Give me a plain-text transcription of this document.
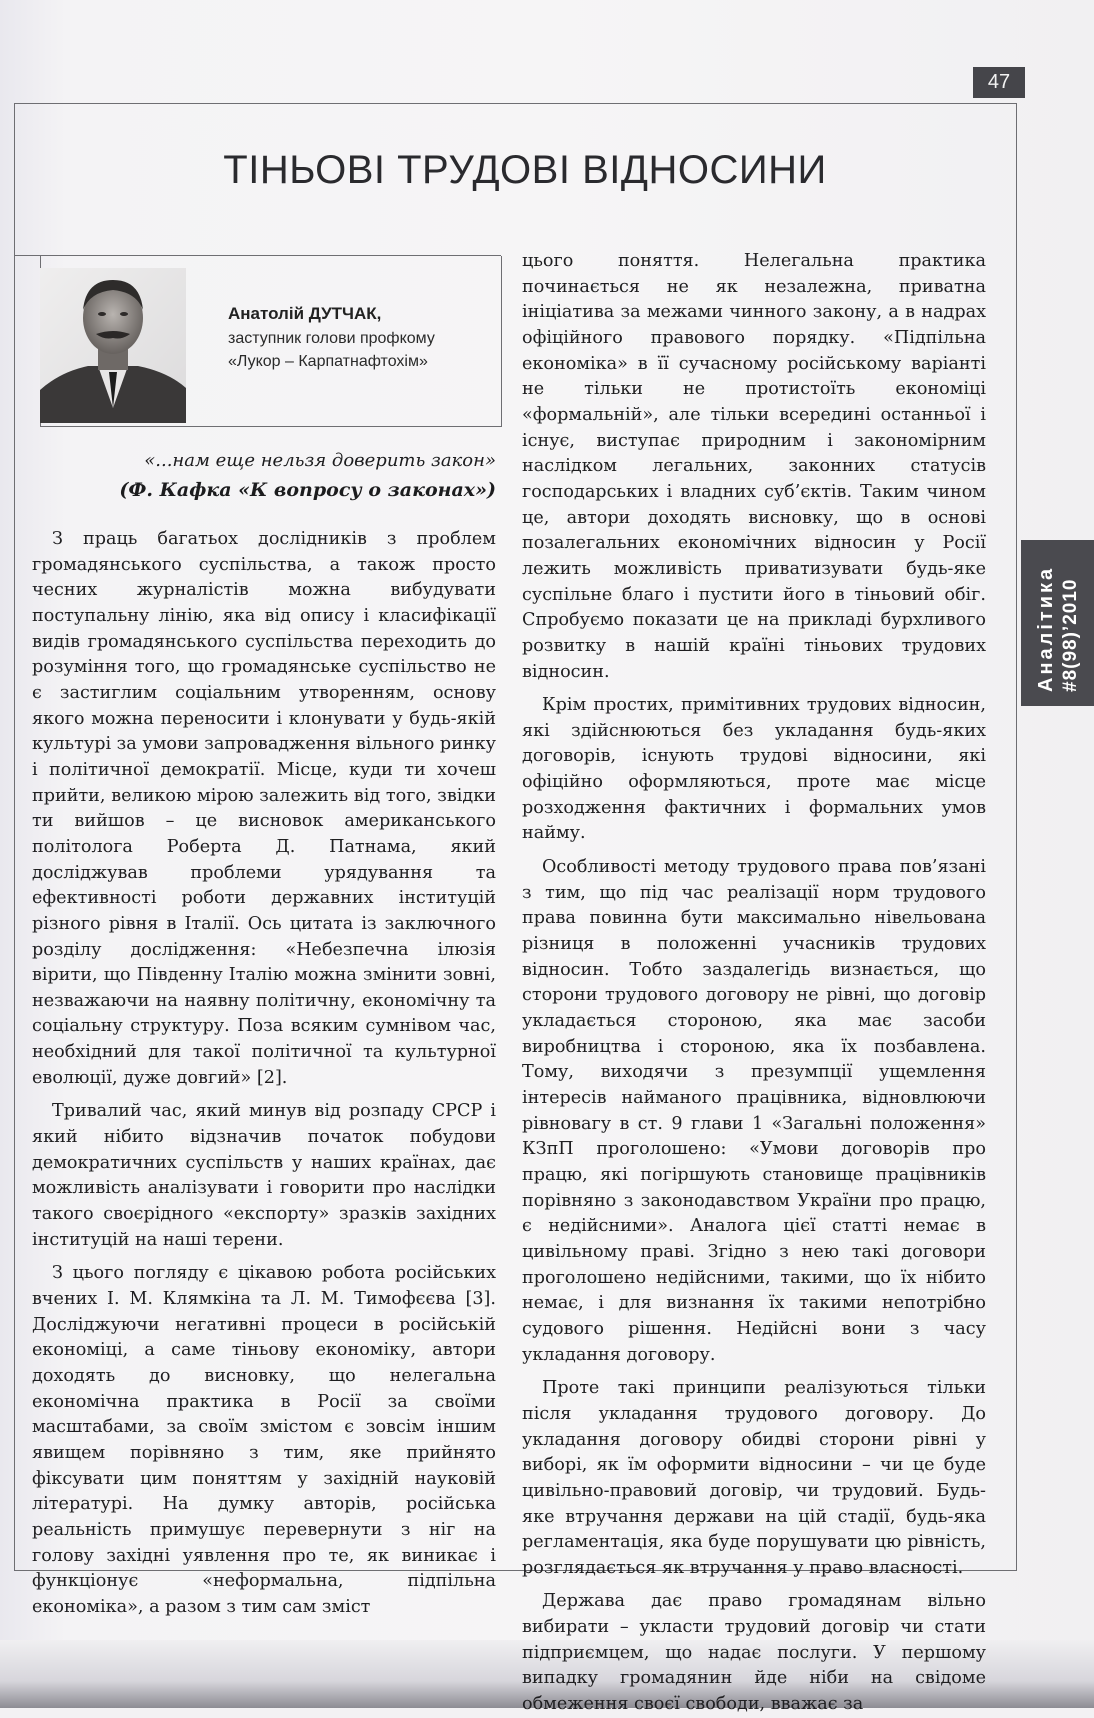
47
ТІНЬОВІ ТРУДОВІ ВІДНОСИНИ
Анатолій ДУТЧАК,
заступник голови профкому
«Лукор – Карпатнафтохім»
Аналітика #8(98)’2010
«...нам еще нельзя доверить закон»
(Ф. Кафка «К вопросу о законах»)

З праць багатьох дослідників з проблем громадянського суспільства, а також просто чесних журналістів можна вибудувати поступальну лінію, яка від опису і класифікації видів громадянського суспільства переходить до розуміння того, що громадянське суспільство не є застиглим соціальним утворенням, основу якого можна переносити і клонувати у будь-якій культурі за умови запровадження вільного ринку і політичної демократії. Місце, куди ти хочеш прийти, великою мірою залежить від того, звідки ти вийшов – це висновок американського політолога Роберта Д. Патнама, який досліджував проблеми урядування та ефективності роботи державних інституцій різного рівня в Італії. Ось цитата із заключного розділу дослідження: «Небезпечна ілюзія вірити, що Південну Італію можна змінити зовні, незважаючи на наявну політичну, економічну та соціальну структуру. Поза всяким сумнівом час, необхідний для такої політичної та культурної еволюції, дуже довгий» [2].

Тривалий час, який минув від розпаду СРСР і який нібито відзначив початок побудови демократичних суспільств у наших країнах, дає можливість аналізувати і говорити про наслідки такого своєрідного «експорту» зразків західних інституцій на наші терени.

З цього погляду є цікавою робота російських вчених І. М. Клямкіна та Л. М. Тимофєєва [3]. Досліджуючи негативні процеси в російській економіці, а саме тіньову економіку, автори доходять до висновку, що нелегальна економічна практика в Росії за своїми масштабами, за своїм змістом є зовсім іншим явищем порівняно з тим, яке прийнято фіксувати цим поняттям у західній науковій літературі. На думку авторів, російська реальність примушує перевернути з ніг на голову західні уявлення про те, як виникає і функціонує «неформальна, підпільна економіка», а разом з тим сам зміст

цього поняття. Нелегальна практика починається не як незалежна, приватна ініціатива за межами чинного закону, а в надрах офіційного правового порядку. «Підпільна економіка» в її сучасному російському варіанті не тільки не протистоїть економіці «формальній», але тільки всередині останньої і існує, виступає природним і закономірним наслідком легальних, законних статусів господарських і владних суб’єктів. Таким чином це, автори доходять висновку, що в основі позалегальних економічних відносин у Росії лежить можливість приватизувати будь-яке суспільне благо і пустити його в тіньовий обіг. Спробуємо показати це на прикладі бурхливого розвитку в нашій країні тіньових трудових відносин.

Крім простих, примітивних трудових відносин, які здійснюються без укладання будь-яких договорів, існують трудові відносини, які офіційно оформляються, проте має місце розходження фактичних і формальних умов найму.

Особливості методу трудового права пов’язані з тим, що під час реалізації норм трудового права повинна бути максимально нівельована різниця в положенні учасників трудових відносин. Тобто заздалегідь визнається, що сторони трудового договору не рівні, що договір укладається стороною, яка має засоби виробництва і стороною, яка їх позбавлена. Тому, виходячи з презумпції ущемлення інтересів найманого працівника, відновлюючи рівновагу в ст. 9 глави 1 «Загальні положення» КЗпП проголошено: «Умови договорів про працю, які погіршують становище працівників порівняно з законодавством України про працю, є недійсними». Аналога цієї статті немає в цивільному праві. Згідно з нею такі договори проголошено недійсними, такими, що їх нібито немає, і для визнання їх такими непотрібно судового рішення. Недійсні вони з часу укладання договору.

Проте такі принципи реалізуються тільки після укладання трудового договору. До укладання договору обидві сторони рівні у виборі, як їм оформити відносини – чи це буде цивільно-правовий договір, чи трудовий. Будь-яке втручання держави на цій стадії, будь-яка регламентація, яка буде порушувати цю рівність, розглядається як втручання у право власності.

Держава дає право громадянам вільно вибирати – укласти трудовий договір чи стати підприємцем, що надає послуги. У першому випадку громадянин йде ніби на свідоме обмеження своєї свободи, вважає за
